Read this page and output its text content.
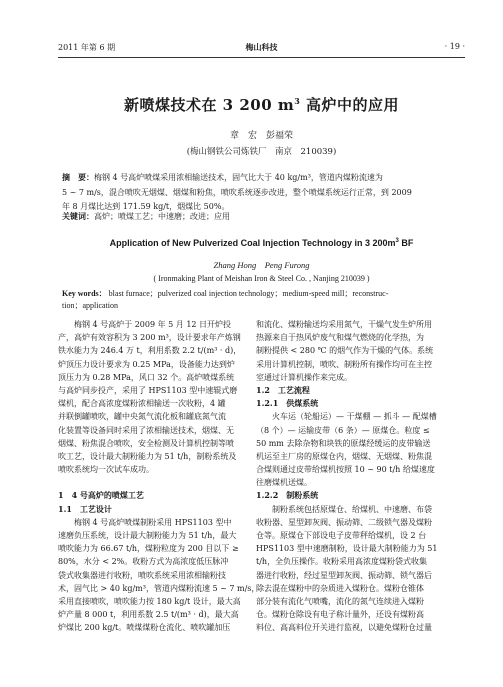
2011 年第 6 期	梅山科技	· 19 ·
新喷煤技术在 3 200 $m^3$ 高炉中的应用
章　宏　彭福荣
(梅山钢铁公司炼铁厂　南京　210039)
摘　要：梅钢 4 号高炉喷煤采用浓相输送技术，固气比大于 40 kg/m³，管道内煤粉流速为
5 ~ 7 m/s，混合喷吹无烟煤、烟煤和粉焦，喷吹系统逐步改进，整个喷煤系统运行正常，到 2009
年 8 月煤比达到 171.59 kg/t，烟煤比 50%。
关键词：高炉；喷煤工艺；中速磨；改进；应用
Application of New Pulverized Coal Injection Technology in 3 $200m^3$ BF
Zhang Hong　Peng Furong
( Ironmaking Plant of Meishan Iron & Steel Co. , Nanjing 210039 )
Key words： blast furnace；pulverized coal injection technology；medium-speed mill；reconstruc-
tion；application
梅钢 4 号高炉于 2009 年 5 月 12 日开炉投
产，高炉有效容积为 3 200 m³，设计要求年产炼钢
铁水能力为 246.4 万 t，利用系数 2.2 t/(m³ · d)，
炉顶压力设计要求为 0.25 MPa，设备能力达到炉
顶压力为 0.28 MPa，风口 32 个。高炉喷煤系统
与高炉同步投产，采用了 HPS1103 型中速辊式磨
煤机，配合高浓度煤粉浓相输送一次收粉，4 罐
并联倒罐喷吹，罐中央氮气流化板和罐底氮气流
化装置等设备同时采用了浓相输送技术，烟煤、无
烟煤、粉焦混合喷吹，安全检测及计算机控制等喷
吹工艺，设计最大制粉能力为 51 t/h，制粉系统及
喷吹系统均一次试车成功。
1　4 号高炉的喷煤工艺
1.1　工艺设计
梅钢 4 号高炉喷煤制粉采用 HPS1103 型中
速磨负压系统，设计最大制粉能力为 51 t/h，最大
喷吹能力为 66.67 t/h，煤粉粒度为 200 目以下 ≥
80%，水分 < 2%。收粉方式为高浓度低压脉冲
袋式收集器进行收粉，喷吹系统采用浓相输粉技
术，固气比 > 40 kg/m³，管道内煤粉流速 5 ~ 7 m/s，
采用直接喷吹，喷吹能力按 180 kg/t 设计，最大高
炉产量 8 000 t，利用系数 2.5 t/(m³ · d)，最大高
炉煤比 200 kg/t。喷煤煤粉仓流化、喷吹罐加压
和流化、煤粉输送均采用氮气，干燥气发生炉所用
热源来自于热风炉废气和煤气燃烧的化学热，为
制粉提供 < 280 ℃ 的烟气作为干燥的气体。系统
采用计算机控制，喷吹、制粉所有操作均可在主控
室通过计算机操作来完成。
1.2　工艺流程
1.2.1　供煤系统
火车运（轮船运）— 干煤棚 — 抓斗 — 配煤槽
（8 个）— 运输皮带（6 条）— 原煤仓。粒度 ≤
50 mm 去除杂物和块铁的原煤经缓运的皮带输送
机运至主厂房的原煤仓内，烟煤、无烟煤、粉焦混
合煤则通过皮带给煤机按照 10 ~ 90 t/h 给煤速度
往磨煤机送煤。
1.2.2　制粉系统
制粉系统包括原煤仓、给煤机、中速磨、布袋
收粉器、星型卸灰阀、振动筛、二级锁气器及煤粉
仓等。原煤仓下部设电子皮带秤给煤机，设 2 台
HPS1103 型中速磨制粉，设计最大制粉能力为 51
t/h，全负压操作。收粉采用高浓度煤粉袋式收集
器进行收粉，经过星型卸灰阀、振动筛、锁气器后
除去混在煤粉中的杂质进入煤粉仓。煤粉仓锥体
部分装有流化气喷嘴，流化的氮气连续进入煤粉
仓。煤粉仓除设有电子称计量外，还设有煤粉高
料位、高高料位开关进行监视，以避免煤粉仓过量
